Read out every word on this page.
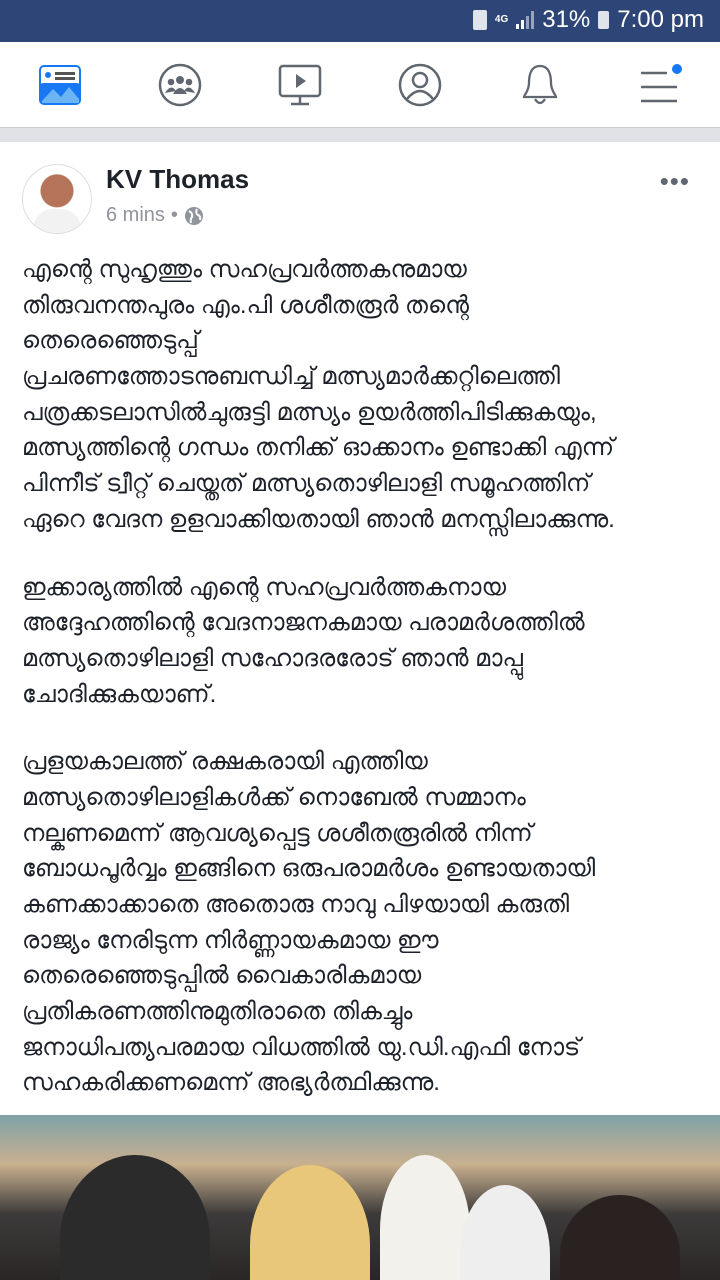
4G 31% 7:00 pm
KV Thomas
6 mins •
•••
എന്റെ സുഹൃത്തും സഹപ്രവർത്തകനുമായ
തിരുവനന്തപുരം എം.പി ശശീതരൂർ തന്റെ
തെരെഞ്ഞെടുപ്പ്
പ്രചരണത്തോടനുബന്ധിച്ച് മത്സ്യമാർക്കറ്റിലെത്തി
പത്രക്കടലാസിൽചുരുട്ടി മത്സ്യം ഉയർത്തിപിടിക്കുകയും,
മത്സ്യത്തിന്റെ ഗന്ധം തനിക്ക് ഓക്കാനം ഉണ്ടാക്കി എന്ന്
പിന്നീട് ട്വീറ്റ് ചെയ്തത് മത്സ്യതൊഴിലാളി സമൂഹത്തിന്
ഏറെ വേദന ഉളവാക്കിയതായി ഞാൻ മനസ്സിലാക്കുന്നു.
ഇക്കാര്യത്തിൽ എന്റെ സഹപ്രവർത്തകനായ
അദ്ദേഹത്തിന്റെ വേദനാജനകമായ പരാമർശത്തിൽ
മത്സ്യതൊഴിലാളി സഹോദരരോട് ഞാൻ മാപ്പു
ചോദിക്കുകയാണ്.
പ്രളയകാലത്ത് രക്ഷകരായി എത്തിയ
മത്സ്യതൊഴിലാളികൾക്ക് നൊബേൽ സമ്മാനം
നല്കണമെന്ന് ആവശ്യപ്പെട്ട ശശീതരൂരിൽ നിന്ന്
ബോധപൂർവ്വം ഇങ്ങിനെ ഒരുപരാമർശം ഉണ്ടായതായി
കണക്കാക്കാതെ അതൊരു നാവു പിഴയായി കരുതി
രാജ്യം നേരിടുന്ന നിർണ്ണായകമായ ഈ
തെരെഞ്ഞെടുപ്പിൽ വൈകാരികമായ
പ്രതികരണത്തിനുമുതിരാതെ തികച്ചും
ജനാധിപത്യപരമായ വിധത്തിൽ യു.ഡി.എഫി നോട്
സഹകരിക്കണമെന്ന് അഭ്യർത്ഥിക്കുന്നു.
